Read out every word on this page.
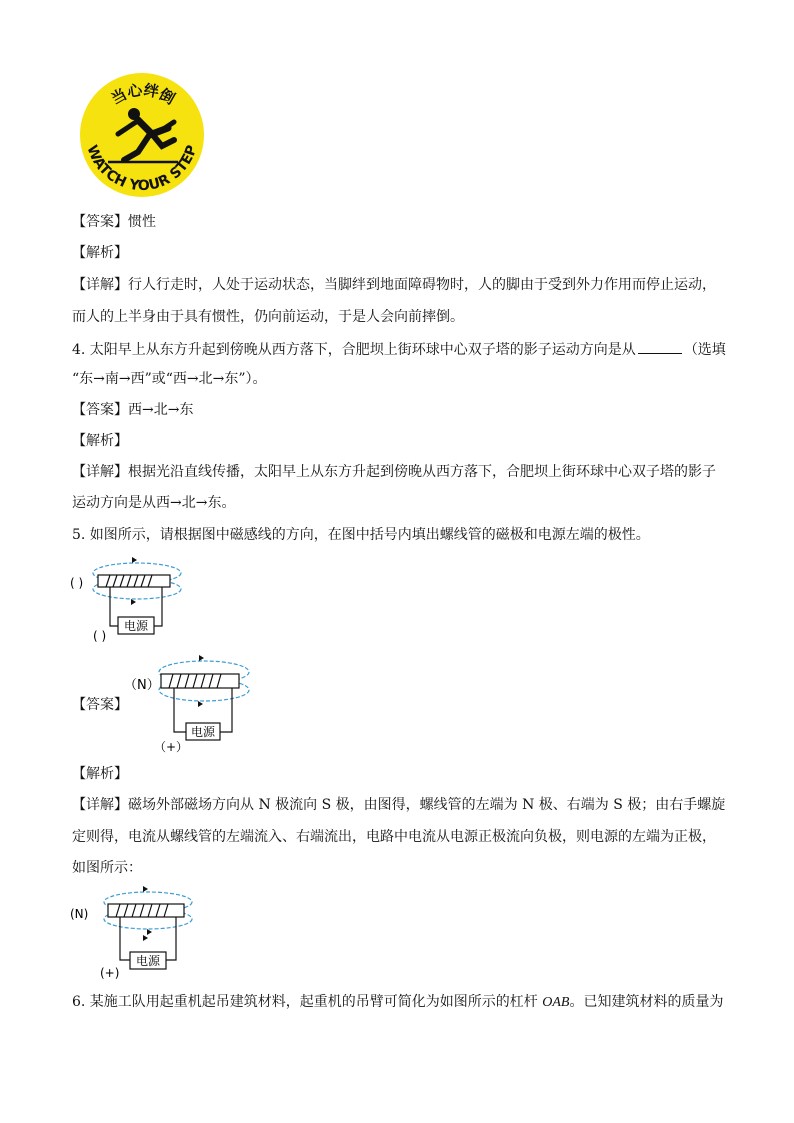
当心绊倒
WATCH YOUR STEP
【答案】惯性
【解析】
【详解】行人行走时，人处于运动状态，当脚绊到地面障碍物时，人的脚由于受到外力作用而停止运动，
而人的上半身由于具有惯性，仍向前运动，于是人会向前摔倒。
4. 太阳早上从东方升起到傍晚从西方落下，合肥坝上街环球中心双子塔的影子运动方向是从	（选填
“东→南→西”或“西→北→东”）。
【答案】西→北→东
【解析】
【详解】根据光沿直线传播，太阳早上从东方升起到傍晚从西方落下，合肥坝上街环球中心双子塔的影子
运动方向是从西→北→东。
5. 如图所示，请根据图中磁感线的方向，在图中括号内填出螺线管的磁极和电源左端的极性。
( )
电源
( )
【答案】
（N）
电源
（+）
【解析】
【详解】磁场外部磁场方向从 N 极流向 S 极，由图得，螺线管的左端为 N 极、右端为 S 极；由右手螺旋
定则得，电流从螺线管的左端流入、右端流出，电路中电流从电源正极流向负极，则电源的左端为正极，
如图所示：
(N)
电源
(+)
6. 某施工队用起重机起吊建筑材料，起重机的吊臂可简化为如图所示的杠杆 OAB。已知建筑材料的质量为
